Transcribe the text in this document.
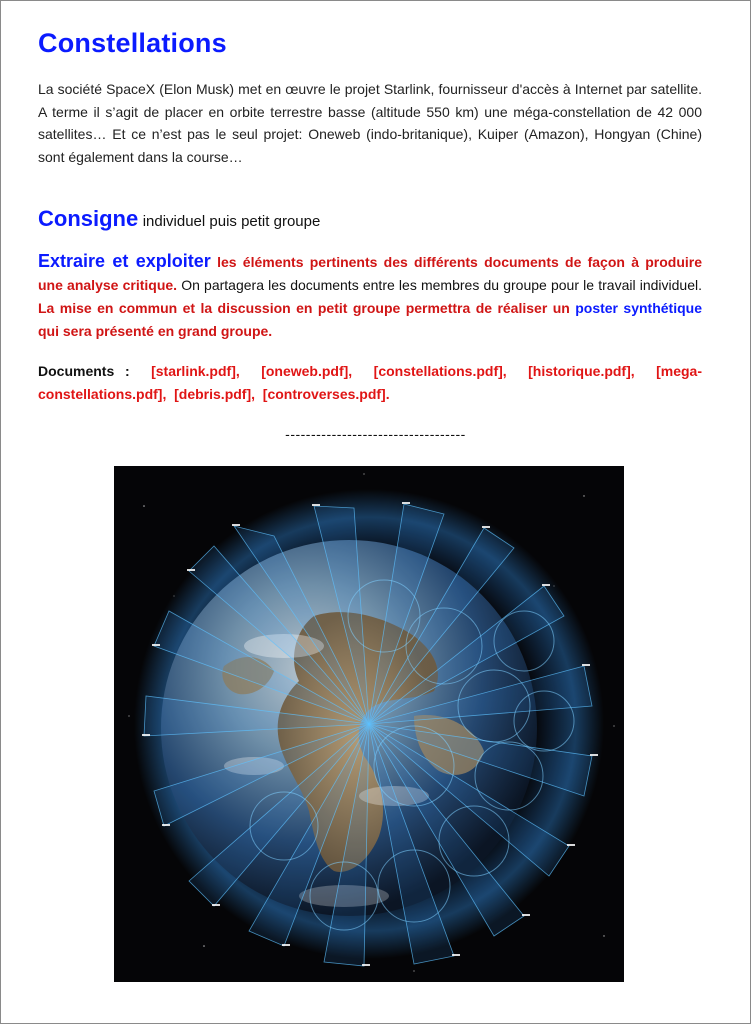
Constellations

La société SpaceX (Elon Musk) met en œuvre le projet Starlink, fournisseur d'accès à Internet par satellite. A terme il s’agit de placer en orbite terrestre basse (altitude 550 km) une méga-constellation de 42 000 satellites… Et ce n’est pas le seul projet: Oneweb (indo-britanique), Kuiper (Amazon), Hongyan (Chine) sont également dans la course…

Consigne individuel puis petit groupe

Extraire et exploiter les éléments pertinents des différents documents de façon à produire une analyse critique. On partagera les documents entre les membres du groupe pour le travail individuel. La mise en commun et la discussion en petit groupe permettra de réaliser un poster synthétique qui sera présenté en grand groupe.

Documents : [starlink.pdf], [oneweb.pdf], [constellations.pdf], [historique.pdf], [mega-constellations.pdf], [debris.pdf], [controverses.pdf].

-----------------------------------
